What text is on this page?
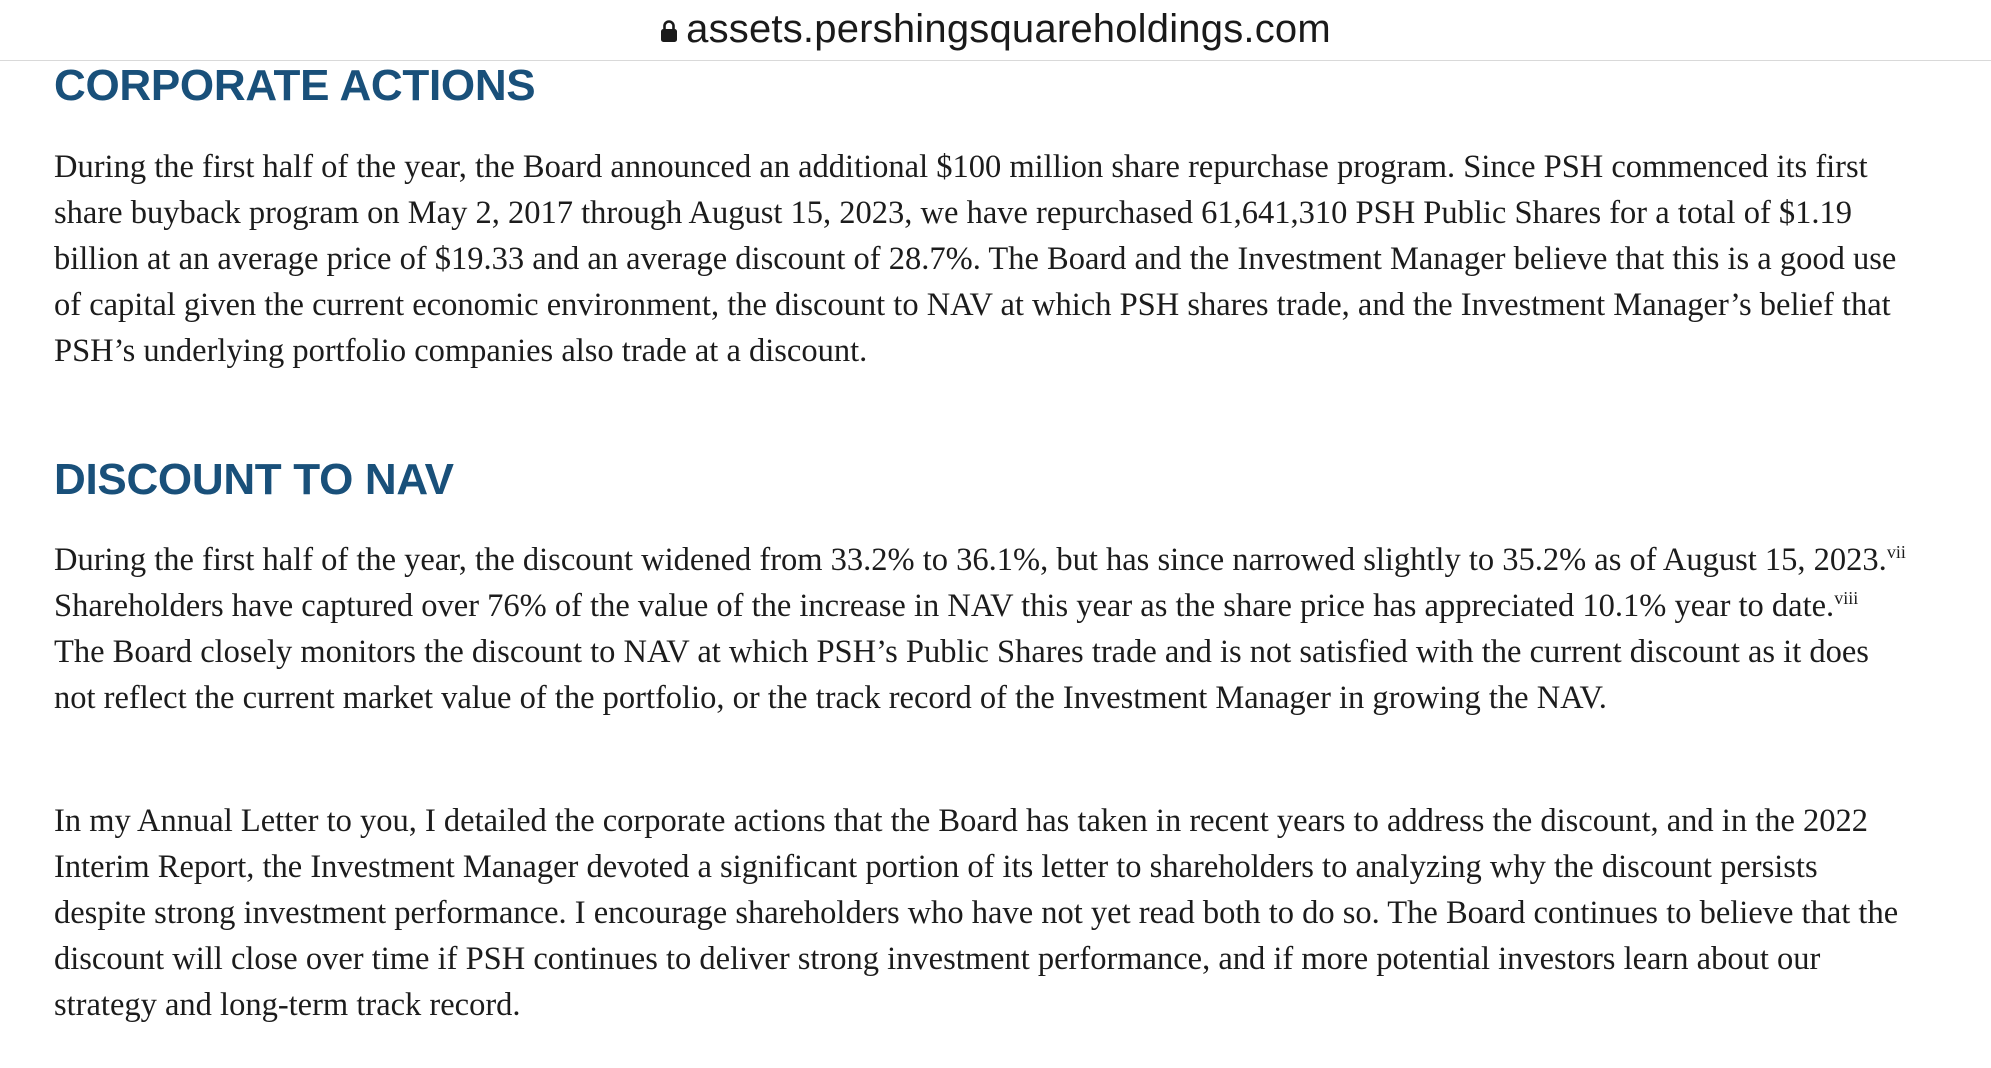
assets.pershingsquareholdings.com
CORPORATE ACTIONS

During the first half of the year, the Board announced an additional $100 million share repurchase program. Since PSH commenced its first share buyback program on May 2, 2017 through August 15, 2023, we have repurchased 61,641,310 PSH Public Shares for a total of $1.19 billion at an average price of $19.33 and an average discount of 28.7%. The Board and the Investment Manager believe that this is a good use of capital given the current economic environment, the discount to NAV at which PSH shares trade, and the Investment Manager’s belief that PSH’s underlying portfolio companies also trade at a discount.

DISCOUNT TO NAV

During the first half of the year, the discount widened from 33.2% to 36.1%, but has since narrowed slightly to 35.2% as of August 15, 2023.$^{vii}$ Shareholders have captured over 76% of the value of the increase in NAV this year as the share price has appreciated 10.1% year to date.$^{viii}$ The Board closely monitors the discount to NAV at which PSH’s Public Shares trade and is not satisfied with the current discount as it does not reflect the current market value of the portfolio, or the track record of the Investment Manager in growing the NAV.

In my Annual Letter to you, I detailed the corporate actions that the Board has taken in recent years to address the discount, and in the 2022 Interim Report, the Investment Manager devoted a significant portion of its letter to shareholders to analyzing why the discount persists despite strong investment performance. I encourage shareholders who have not yet read both to do so. The Board continues to believe that the discount will close over time if PSH continues to deliver strong investment performance, and if more potential investors learn about our strategy and long-term track record.
